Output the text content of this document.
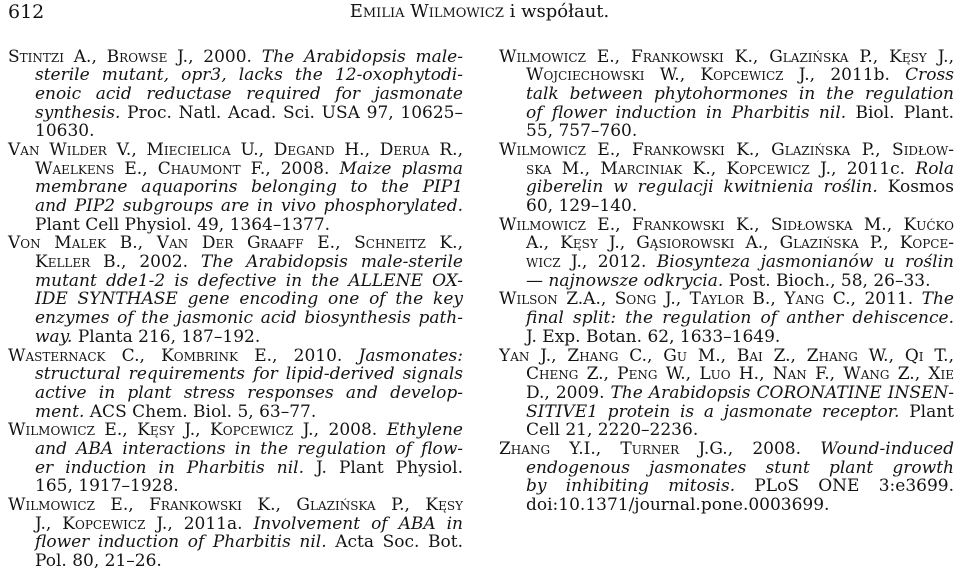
612	Emilia Wilmowicz i współaut.
Stintzi A., Browse J., 2000. The Arabidopsis male-
sterile mutant, opr3, lacks the 12-oxophytodi-
enoic acid reductase required for jasmonate
synthesis. Proc. Natl. Acad. Sci. USA 97, 10625–
10630.
Van Wilder V., Miecielica U., Degand H., Derua R.,
Waelkens E., Chaumont F., 2008. Maize plasma
membrane aquaporins belonging to the PIP1
and PIP2 subgroups are in vivo phosphorylated.
Plant Cell Physiol. 49, 1364–1377.
Von Malek B., Van Der Graaff E., Schneitz K.,
Keller B., 2002. The Arabidopsis male-sterile
mutant dde1-2 is defective in the ALLENE OX-
IDE SYNTHASE gene encoding one of the key
enzymes of the jasmonic acid biosynthesis path-
way. Planta 216, 187–192.
Wasternack C., Kombrink E., 2010. Jasmonates:
structural requirements for lipid-derived signals
active in plant stress responses and develop-
ment. ACS Chem. Biol. 5, 63–77.
Wilmowicz E., Kęsy J., Kopcewicz J., 2008. Ethylene
and ABA interactions in the regulation of flow-
er induction in Pharbitis nil. J. Plant Physiol.
165, 1917–1928.
Wilmowicz E., Frankowski K., Glazińska P., Kęsy
J., Kopcewicz J., 2011a. Involvement of ABA in
flower induction of Pharbitis nil. Acta Soc. Bot.
Pol. 80, 21–26.
Wilmowicz E., Frankowski K., Glazińska P., Kęsy J.,
Wojciechowski W., Kopcewicz J., 2011b. Cross
talk between phytohormones in the regulation
of flower induction in Pharbitis nil. Biol. Plant.
55, 757–760.
Wilmowicz E., Frankowski K., Glazińska P., Sidłow-
ska M., Marciniak K., Kopcewicz J., 2011c. Rola
giberelin w regulacji kwitnienia roślin. Kosmos
60, 129–140.
Wilmowicz E., Frankowski K., Sidłowska M., Kućko
A., Kęsy J., Gąsiorowski A., Glazińska P., Kopce-
wicz J., 2012. Biosynteza jasmonianów u roślin
— najnowsze odkrycia. Post. Bioch., 58, 26–33.
Wilson Z.A., Song J., Taylor B., Yang C., 2011. The
final split: the regulation of anther dehiscence.
J. Exp. Botan. 62, 1633–1649.
Yan J., Zhang C., Gu M., Bai Z., Zhang W., Qi T.,
Cheng Z., Peng W., Luo H., Nan F., Wang Z., Xie
D., 2009. The Arabidopsis CORONATINE INSEN-
SITIVE1 protein is a jasmonate receptor. Plant
Cell 21, 2220–2236.
Zhang Y.I., Turner J.G., 2008. Wound-induced
endogenous jasmonates stunt plant growth
by inhibiting mitosis. PLoS ONE 3:e3699.
doi:10.1371/journal.pone.0003699.
